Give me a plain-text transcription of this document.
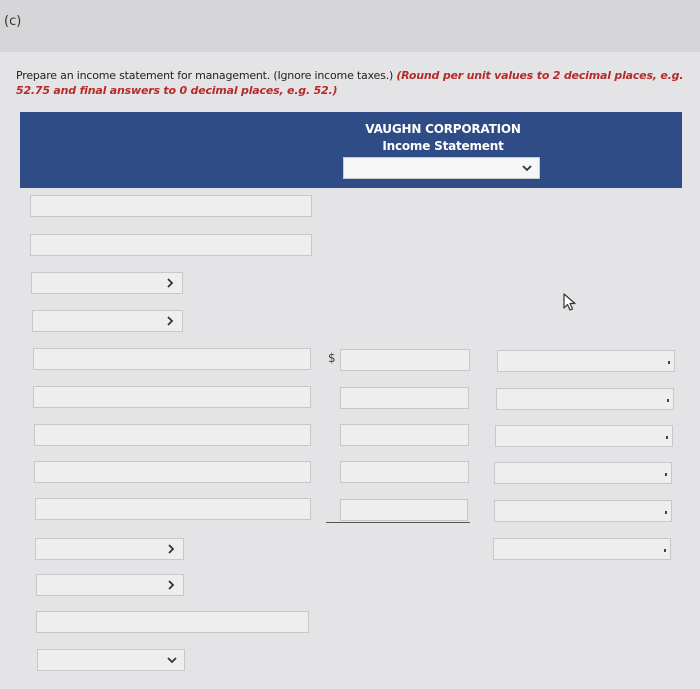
(c)
Prepare an income statement for management. (Ignore income taxes.) (Round per unit values to 2 decimal places, e.g. 52.75 and final answers to 0 decimal places, e.g. 52.)
VAUGHN CORPORATION
Income Statement
$
